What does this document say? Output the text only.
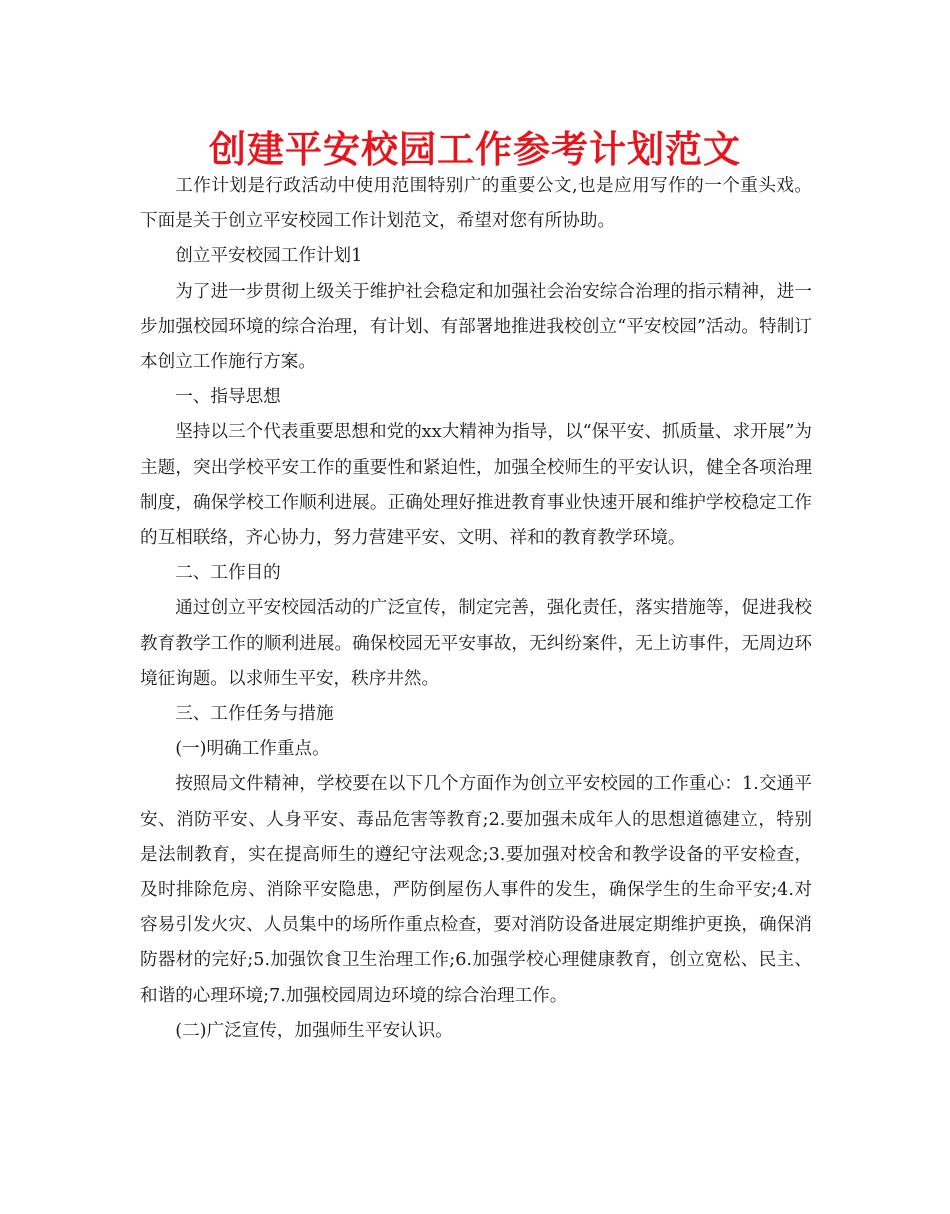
创建平安校园工作参考计划范文

工作计划是行政活动中使用范围特别广的重要公文,也是应用写作的一个重头戏。下面是关于创立平安校园工作计划范文，希望对您有所协助。

创立平安校园工作计划1

为了进一步贯彻上级关于维护社会稳定和加强社会治安综合治理的指示精神，进一步加强校园环境的综合治理，有计划、有部署地推进我校创立“平安校园”活动。特制订本创立工作施行方案。

一、指导思想

坚持以三个代表重要思想和党的xx大精神为指导，以“保平安、抓质量、求开展”为主题，突出学校平安工作的重要性和紧迫性，加强全校师生的平安认识，健全各项治理制度，确保学校工作顺利进展。正确处理好推进教育事业快速开展和维护学校稳定工作的互相联络，齐心协力，努力营建平安、文明、祥和的教育教学环境。

二、工作目的

通过创立平安校园活动的广泛宣传，制定完善，强化责任，落实措施等，促进我校教育教学工作的顺利进展。确保校园无平安事故，无纠纷案件，无上访事件，无周边环境征询题。以求师生平安，秩序井然。

三、工作任务与措施

(一)明确工作重点。

按照局文件精神，学校要在以下几个方面作为创立平安校园的工作重心：1.交通平安、消防平安、人身平安、毒品危害等教育;2.要加强未成年人的思想道德建立，特别是法制教育，实在提高师生的遵纪守法观念;3.要加强对校舍和教学设备的平安检查，及时排除危房、消除平安隐患，严防倒屋伤人事件的发生，确保学生的生命平安;4.对容易引发火灾、人员集中的场所作重点检查，要对消防设备进展定期维护更换，确保消防器材的完好;5.加强饮食卫生治理工作;6.加强学校心理健康教育，创立宽松、民主、和谐的心理环境;7.加强校园周边环境的综合治理工作。

(二)广泛宣传，加强师生平安认识。
